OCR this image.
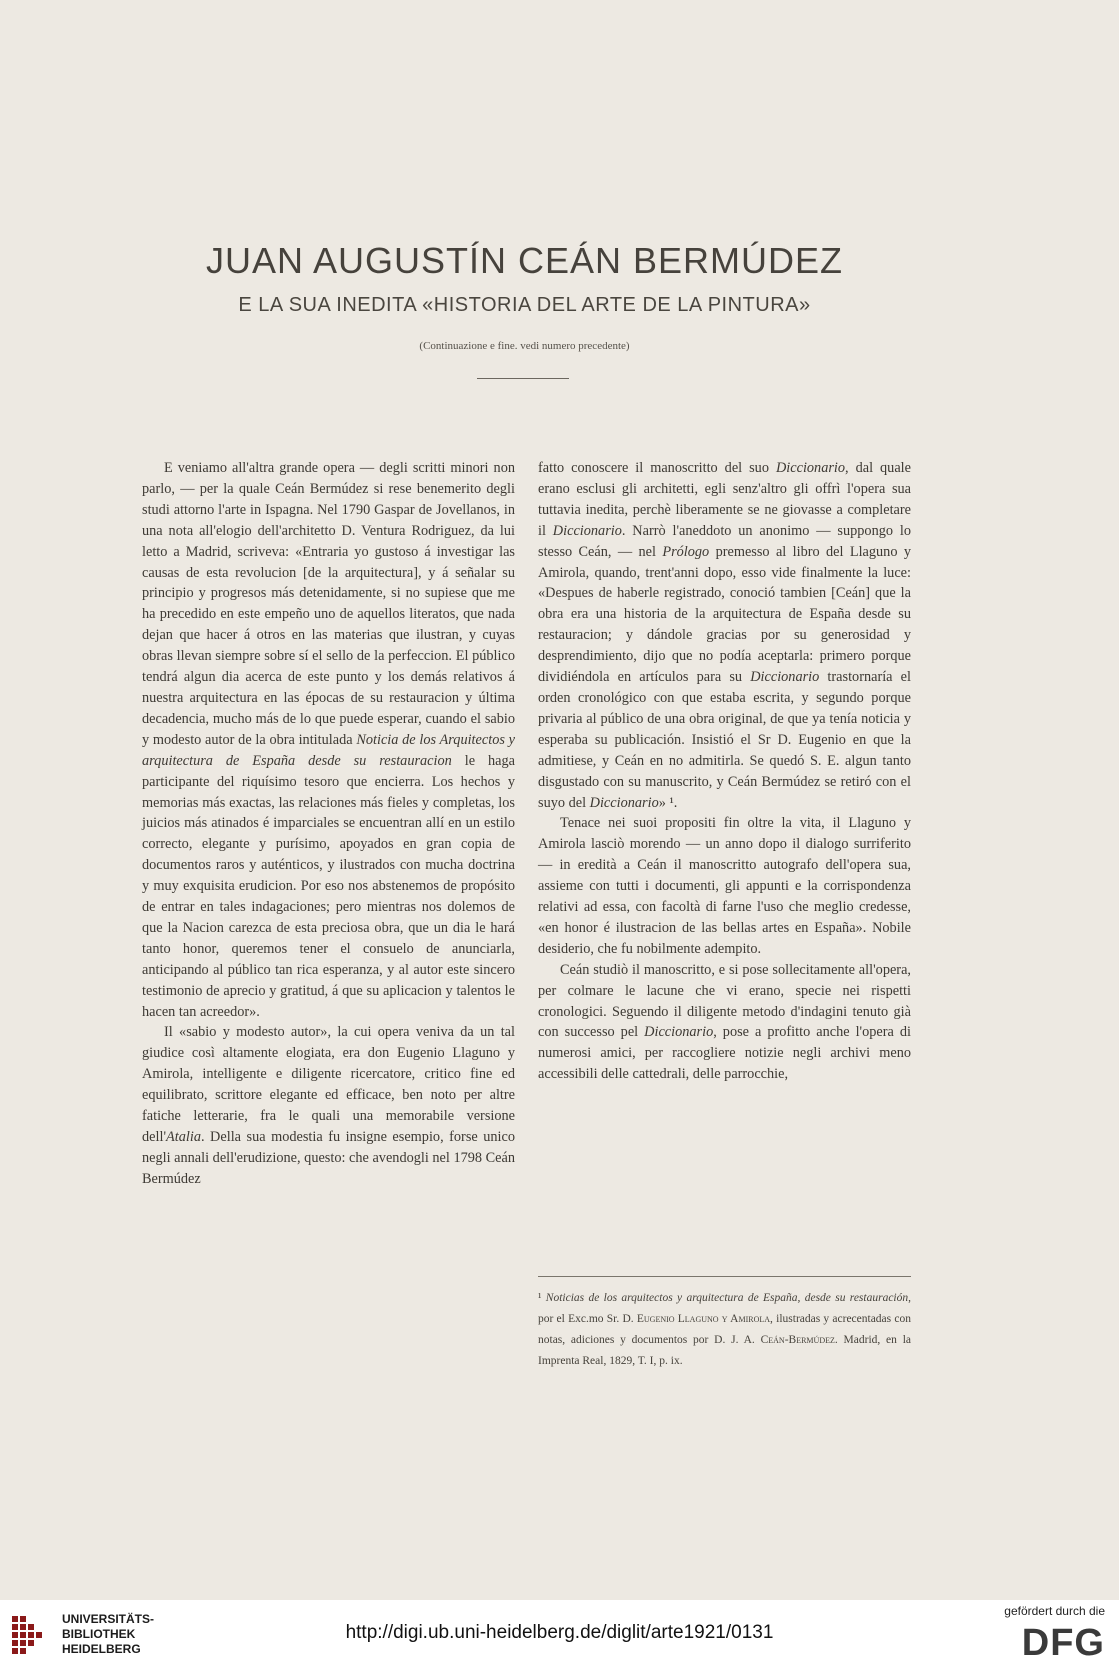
JUAN AUGUSTÍN CEÁN BERMÚDEZ
E LA SUA INEDITA «HISTORIA DEL ARTE DE LA PINTURA»
(Continuazione e fine. vedi numero precedente)

E veniamo all'altra grande opera — degli scritti minori non parlo, — per la quale Ceán Bermúdez si rese benemerito degli studi attorno l'arte in Ispagna. Nel 1790 Gaspar de Jovellanos, in una nota all'elogio dell'architetto D. Ventura Rodriguez, da lui letto a Madrid, scriveva: «Entraria yo gustoso á investigar las causas de esta revolucion [de la arquitectura], y á señalar su principio y progresos más detenidamente, si no supiese que me ha precedido en este empeño uno de aquellos literatos, que nada dejan que hacer á otros en las materias que ilustran, y cuyas obras llevan siempre sobre sí el sello de la perfeccion. El público tendrá algun dia acerca de este punto y los demás relativos á nuestra arquitectura en las épocas de su restauracion y última decadencia, mucho más de lo que puede esperar, cuando el sabio y modesto autor de la obra intitulada Noticia de los Arquitectos y arquitectura de España desde su restauracion le haga participante del riquísimo tesoro que encierra. Los hechos y memorias más exactas, las relaciones más fieles y completas, los juicios más atinados é imparciales se encuentran allí en un estilo correcto, elegante y purísimo, apoyados en gran copia de documentos raros y auténticos, y ilustrados con mucha doctrina y muy exquisita erudicion. Por eso nos abstenemos de propósito de entrar en tales indagaciones; pero mientras nos dolemos de que la Nacion carezca de esta preciosa obra, que un dia le hará tanto honor, queremos tener el consuelo de anunciarla, anticipando al público tan rica esperanza, y al autor este sincero testimonio de aprecio y gratitud, á que su aplicacion y talentos le hacen tan acreedor».

Il «sabio y modesto autor», la cui opera veniva da un tal giudice così altamente elogiata, era don Eugenio Llaguno y Amirola, intelligente e diligente ricercatore, critico fine ed equilibrato, scrittore elegante ed efficace, ben noto per altre fatiche letterarie, fra le quali una memorabile versione dell'Atalia. Della sua modestia fu insigne esempio, forse unico negli annali dell'erudizione, questo: che avendogli nel 1798 Ceán Bermúdez

fatto conoscere il manoscritto del suo Diccionario, dal quale erano esclusi gli architetti, egli senz'altro gli offrì l'opera sua tuttavia inedita, perchè liberamente se ne giovasse a completare il Diccionario. Narrò l'aneddoto un anonimo — suppongo lo stesso Ceán, — nel Prólogo premesso al libro del Llaguno y Amirola, quando, trent'anni dopo, esso vide finalmente la luce: «Despues de haberle registrado, conoció tambien [Ceán] que la obra era una historia de la arquitectura de España desde su restauracion; y dándole gracias por su generosidad y desprendimiento, dijo que no podía aceptarla: primero porque dividiéndola en artículos para su Diccionario trastornaría el orden cronológico con que estaba escrita, y segundo porque privaria al público de una obra original, de que ya tenía noticia y esperaba su publicación. Insistió el Sr D. Eugenio en que la admitiese, y Ceán en no admitirla. Se quedó S. E. algun tanto disgustado con su manuscrito, y Ceán Bermúdez se retiró con el suyo del Diccionario» ¹.

Tenace nei suoi propositi fin oltre la vita, il Llaguno y Amirola lasciò morendo — un anno dopo il dialogo surriferito — in eredità a Ceán il manoscritto autografo dell'opera sua, assieme con tutti i documenti, gli appunti e la corrispondenza relativi ad essa, con facoltà di farne l'uso che meglio credesse, «en honor é ilustracion de las bellas artes en España». Nobile desiderio, che fu nobilmente adempito.

Ceán studiò il manoscritto, e si pose sollecitamente all'opera, per colmare le lacune che vi erano, specie nei rispetti cronologici. Seguendo il diligente metodo d'indagini tenuto già con successo pel Diccionario, pose a profitto anche l'opera di numerosi amici, per raccogliere notizie negli archivi meno accessibili delle cattedrali, delle parrocchie,

¹ Noticias de los arquitectos y arquitectura de España, desde su restauración, por el Exc.mo Sr. D. Eugenio Llaguno y Amirola, ilustradas y acrecentadas con notas, adiciones y documentos por D. J. A. Ceán-Bermúdez. Madrid, en la Imprenta Real, 1829, T. I, p. ix.
UNIVERSITÄTS-
BIBLIOTHEK
HEIDELBERG
http://digi.ub.uni-heidelberg.de/diglit/arte1921/0131
gefördert durch die
DFG
